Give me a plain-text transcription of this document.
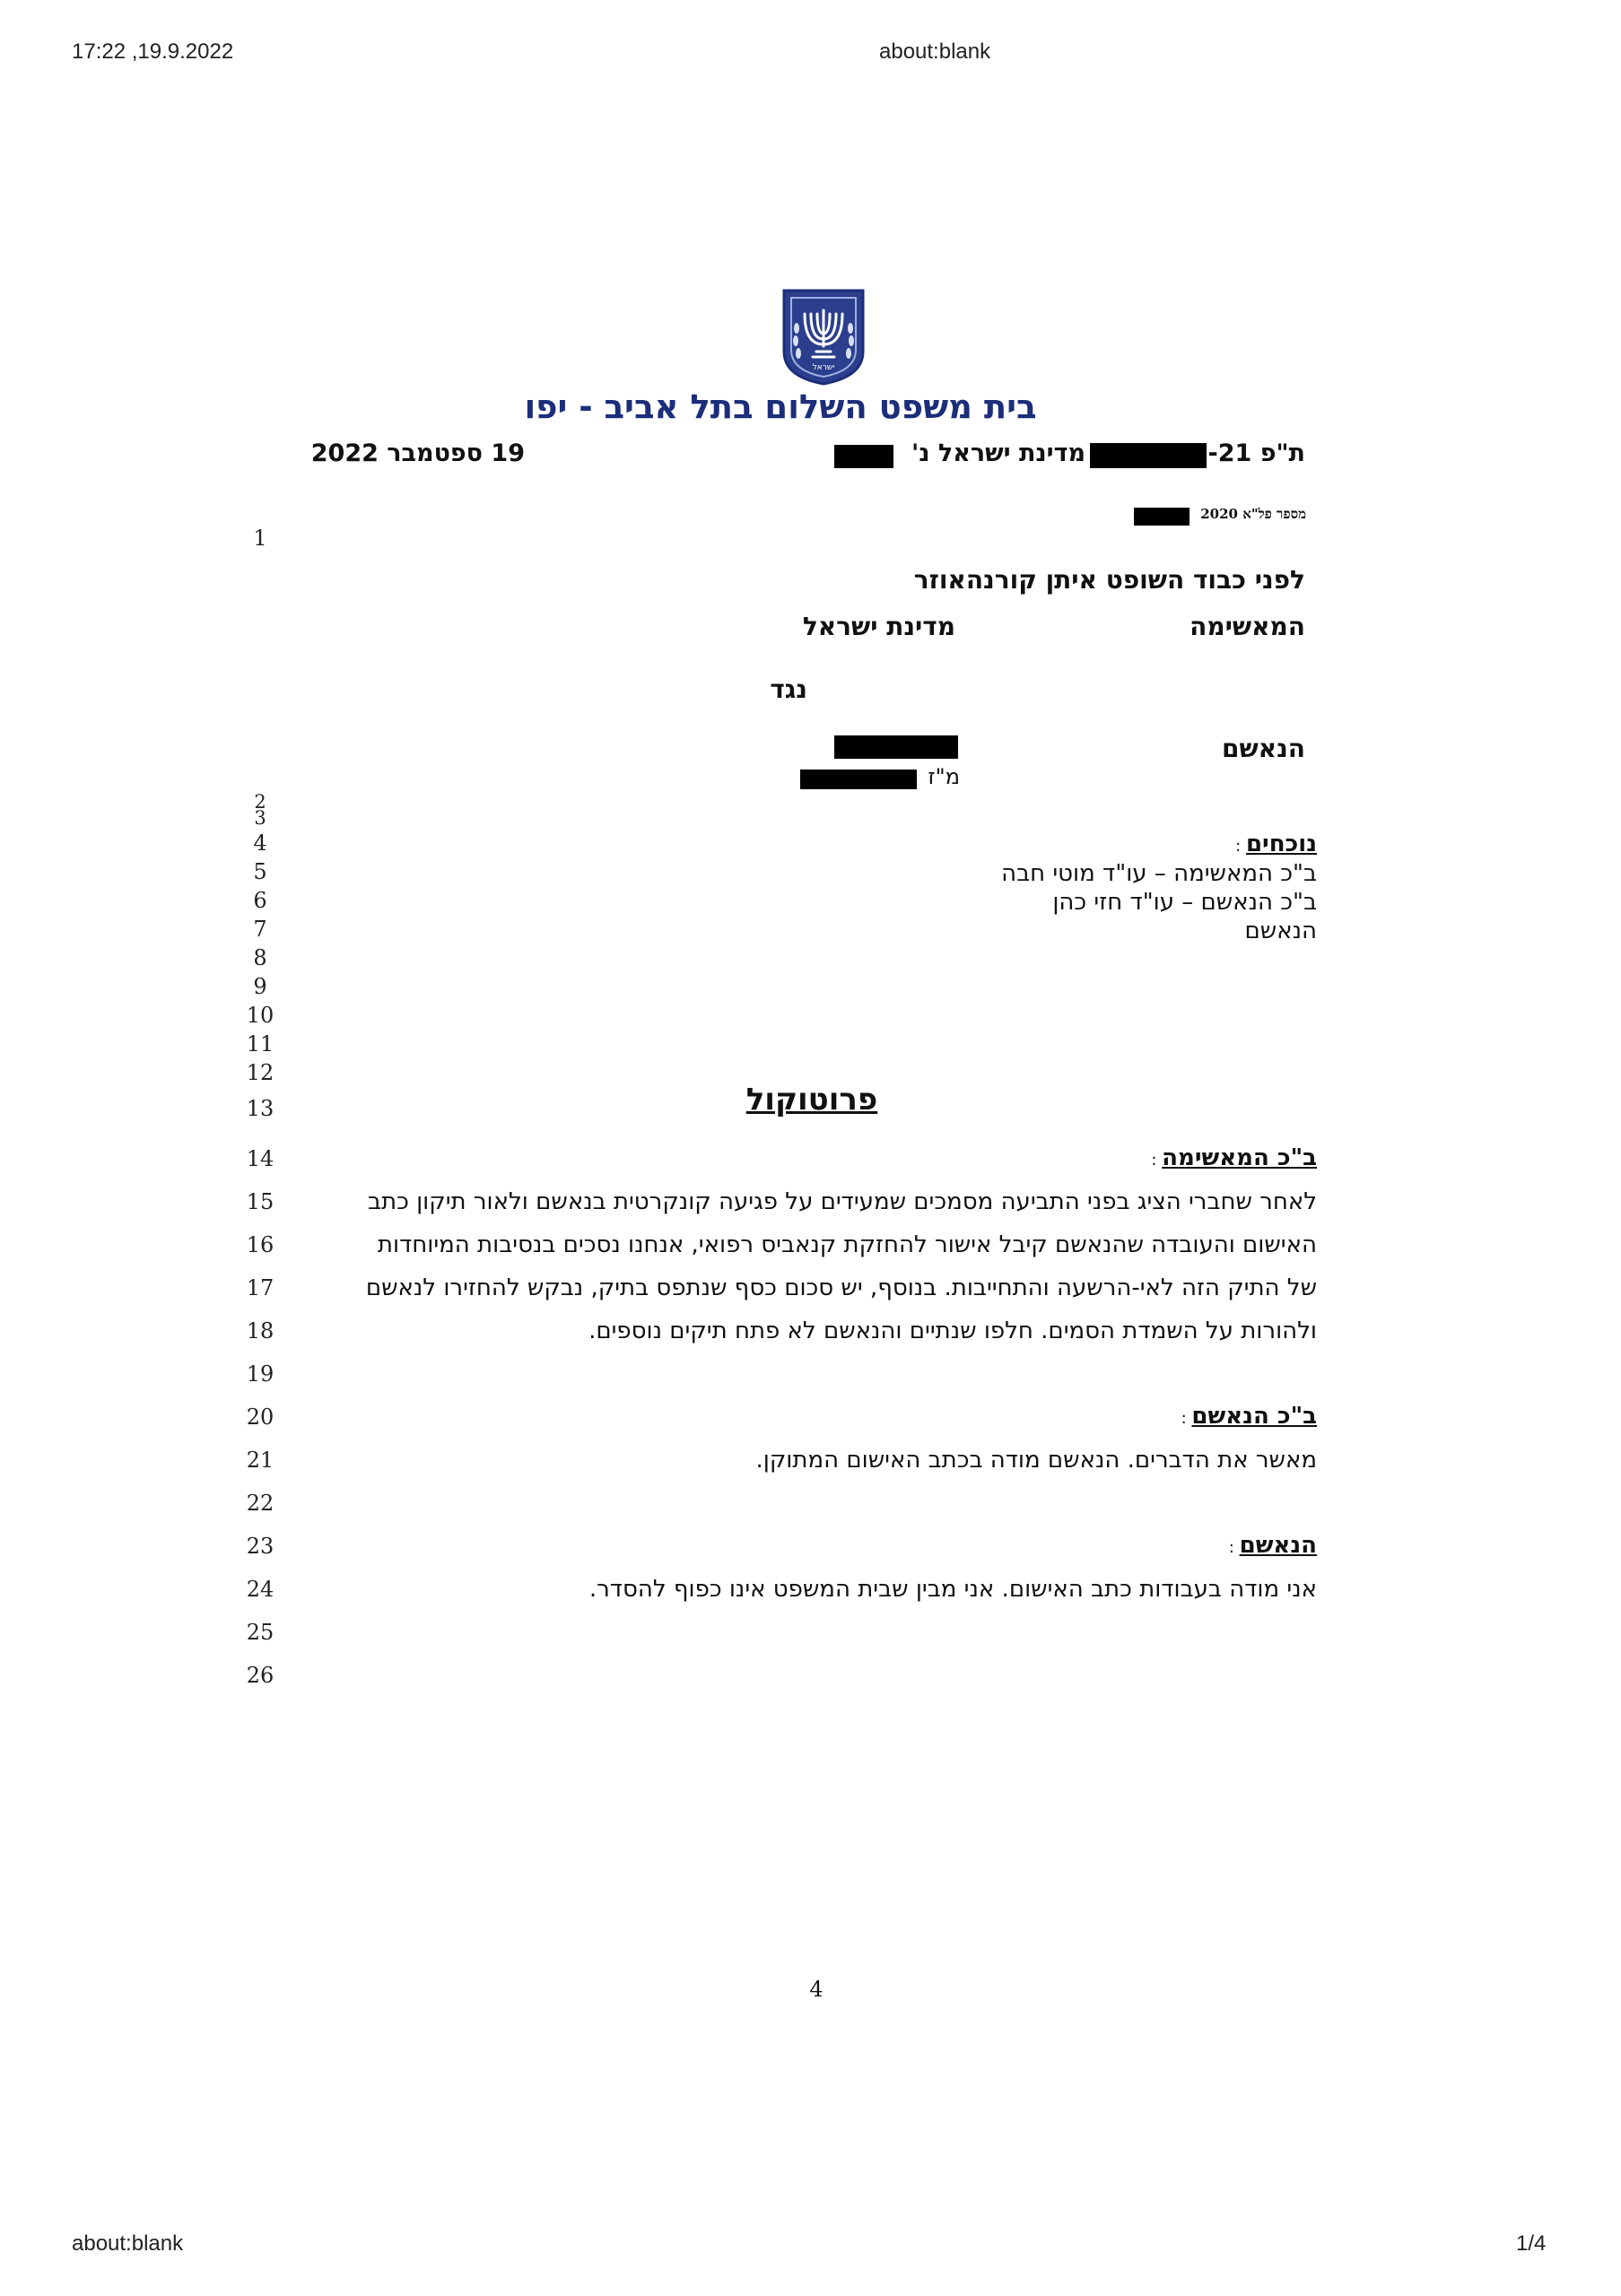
17:22 ,19.9.2022	about:blank
ישראל
בית משפט השלום בתל אביב - יפו
ת"פ 21-
מדינת ישראל נ'
19 ספטמבר 2022
מספר פל"א 2020
1
2
3
4
5
6
7
8
9
10
11
12
13
14
15
16
17
18
19
20
21
22
23
24
25
26
לפני כבוד השופט איתן קורנהאוזר
המאשימה
מדינת ישראל
נגד
הנאשם
מ"ז
נוכחים :
ב"כ המאשימה – עו"ד מוטי חבה
ב"כ הנאשם – עו"ד חזי כהן
הנאשם
פרוטוקול
ב"כ המאשימה :
לאחר שחברי הציג בפני התביעה מסמכים שמעידים על פגיעה קונקרטית בנאשם ולאור תיקון כתב
האישום והעובדה שהנאשם קיבל אישור להחזקת קנאביס רפואי, אנחנו נסכים בנסיבות המיוחדות
של התיק הזה לאי-הרשעה והתחייבות. בנוסף, יש סכום כסף שנתפס בתיק, נבקש להחזירו לנאשם
ולהורות על השמדת הסמים. חלפו שנתיים והנאשם לא פתח תיקים נוספים.
ב"כ הנאשם :
מאשר את הדברים. הנאשם מודה בכתב האישום המתוקן.
הנאשם :
אני מודה בעבודות כתב האישום. אני מבין שבית המשפט אינו כפוף להסדר.
4
about:blank	1/4
